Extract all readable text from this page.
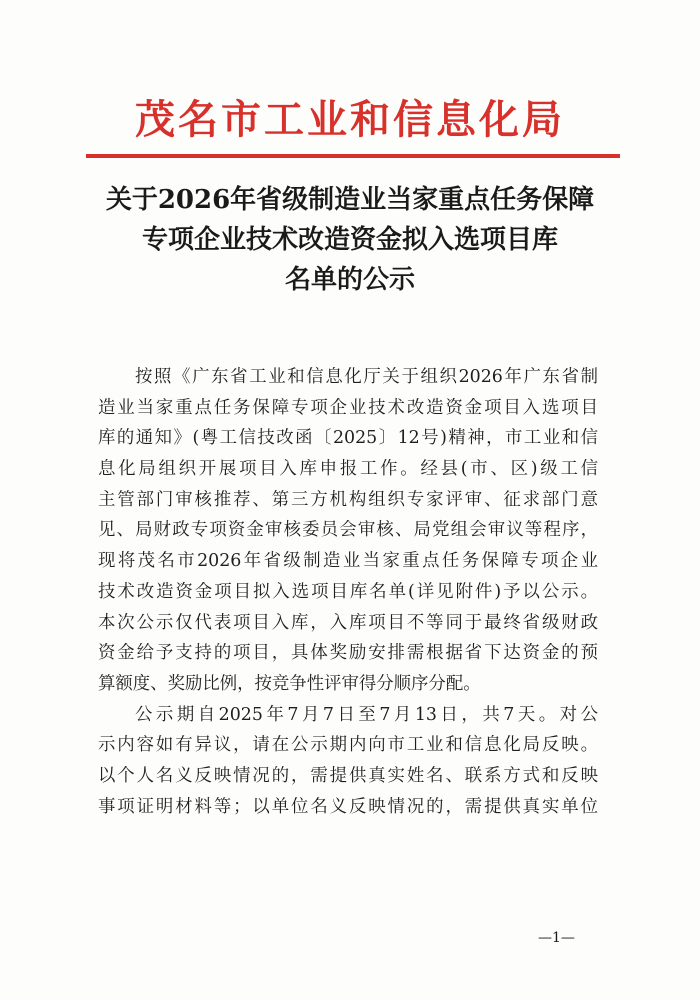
茂名市工业和信息化局
关于2026年省级制造业当家重点任务保障
专项企业技术改造资金拟入选项目库
名单的公示
按照《广东省工业和信息化厅关于组织2026年广东省制
造业当家重点任务保障专项企业技术改造资金项目入选项目
库的通知》(粤工信技改函〔2025〕12号)精神，市工业和信
息化局组织开展项目入库申报工作。经县(市、区)级工信
主管部门审核推荐、第三方机构组织专家评审、征求部门意
见、局财政专项资金审核委员会审核、局党组会审议等程序，
现将茂名市2026年省级制造业当家重点任务保障专项企业
技术改造资金项目拟入选项目库名单(详见附件)予以公示。
本次公示仅代表项目入库，入库项目不等同于最终省级财政
资金给予支持的项目，具体奖励安排需根据省下达资金的预
算额度、奖励比例，按竞争性评审得分顺序分配。
公示期自2025年7月7日至7月13日，共7天。对公
示内容如有异议，请在公示期内向市工业和信息化局反映。
以个人名义反映情况的，需提供真实姓名、联系方式和反映
事项证明材料等；以单位名义反映情况的，需提供真实单位
—1—
